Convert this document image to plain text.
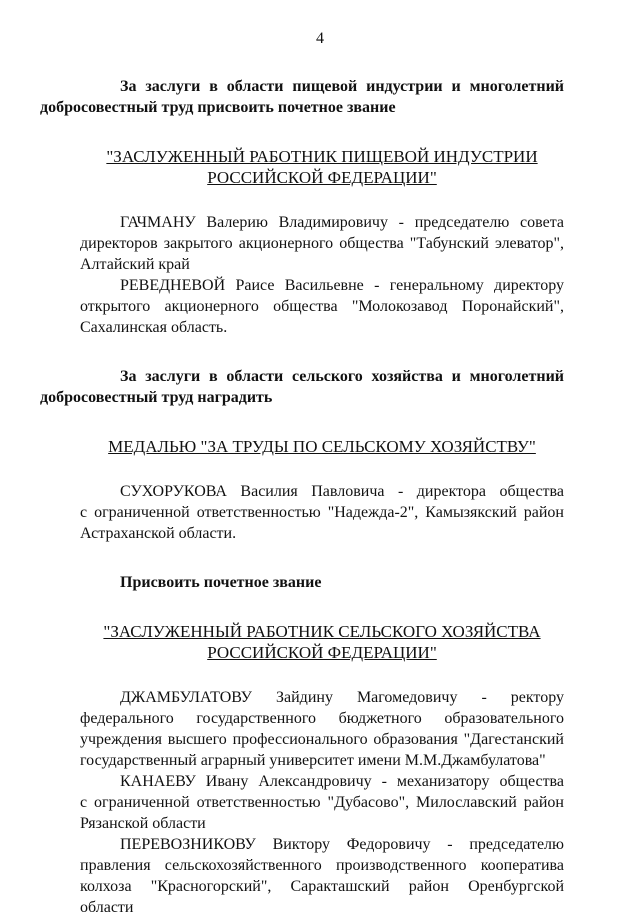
4
За заслуги в области пищевой индустрии и многолетний
добросовестный труд присвоить почетное звание
"ЗАСЛУЖЕННЫЙ РАБОТНИК ПИЩЕВОЙ ИНДУСТРИИ
РОССИЙСКОЙ ФЕДЕРАЦИИ"
ГАЧМАНУ Валерию Владимировичу - председателю совета
директоров закрытого акционерного общества "Табунский элеватор",
Алтайский край
РЕВЕДНЕВОЙ Раисе Васильевне - генеральному директору
открытого акционерного общества "Молокозавод Поронайский",
Сахалинская область.
За заслуги в области сельского хозяйства и многолетний
добросовестный труд наградить
МЕДАЛЬЮ "ЗА ТРУДЫ ПО СЕЛЬСКОМУ ХОЗЯЙСТВУ"
СУХОРУКОВА Василия Павловича - директора общества
с ограниченной ответственностью "Надежда-2", Камызякский район
Астраханской области.
Присвоить почетное звание
"ЗАСЛУЖЕННЫЙ РАБОТНИК СЕЛЬСКОГО ХОЗЯЙСТВА
РОССИЙСКОЙ ФЕДЕРАЦИИ"
ДЖАМБУЛАТОВУ Зайдину Магомедовичу - ректору
федерального государственного бюджетного образовательного
учреждения высшего профессионального образования "Дагестанский
государственный аграрный университет имени М.М.Джамбулатова"
КАНАЕВУ Ивану Александровичу - механизатору общества
с ограниченной ответственностью "Дубасово", Милославский район
Рязанской области
ПЕРЕВОЗНИКОВУ Виктору Федоровичу - председателю
правления сельскохозяйственного производственного кооператива
колхоза "Красногорский", Саракташский район Оренбургской
области
